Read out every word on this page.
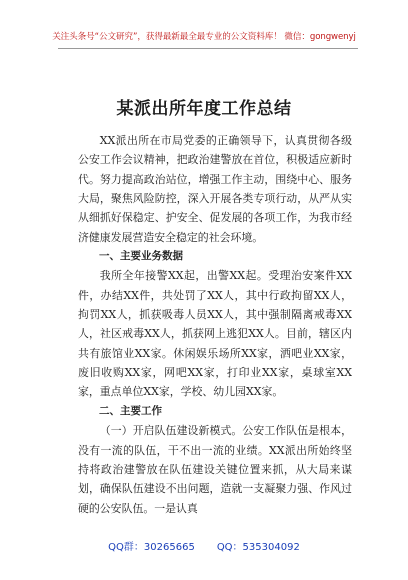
关注头条号“公文研究”，获得最新最全最专业的公文资料库！ 微信：gongwenyj
某派出所年度工作总结

XX派出所在市局党委的正确领导下，认真贯彻各级公安工作会议精神，把政治建警放在首位，积极适应新时代。努力提高政治站位，增强工作主动，围绕中心、服务大局，聚焦风险防控，深入开展各类专项行动，从严从实从细抓好保稳定、护安全、促发展的各项工作，为我市经济健康发展营造安全稳定的社会环境。

一、主要业务数据

我所全年接警XX起，出警XX起。受理治安案件XX件，办结XX件，共处罚了XX人，其中行政拘留XX人，拘罚XX人，抓获吸毒人员XX人，其中强制隔离戒毒XX人，社区戒毒XX人，抓获网上逃犯XX人。目前，辖区内共有旅馆业XX家。休闲娱乐场所XX家，洒吧业XX家，废旧收购XX家，网吧XX家，打印业XX家，桌球室XX家，重点单位XX家，学校、幼儿园XX家。

二、主要工作

（一）开启队伍建设新模式。公安工作队伍是根本，没有一流的队伍，干不出一流的业绩。XX派出所始终坚持将政治建警放在队伍建设关键位置来抓，从大局来谋划，确保队伍建设不出问题，造就一支凝聚力强、作风过硬的公安队伍。一是认真

QQ群：30265665 QQ：535304092
